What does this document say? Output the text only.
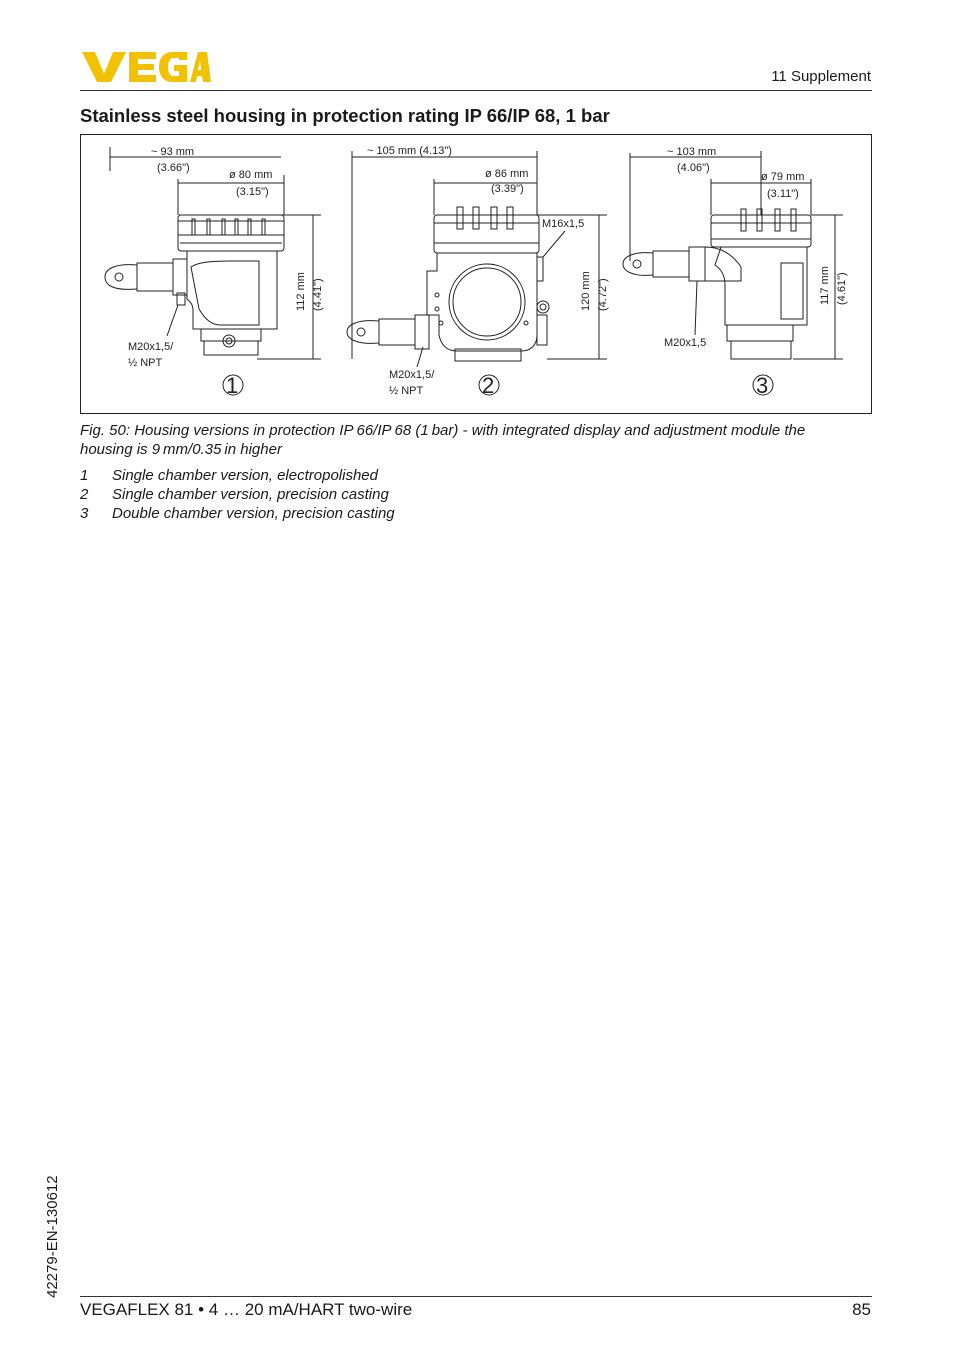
11 Supplement
Stainless steel housing in protection rating IP 66/IP 68, 1 bar
~ 93 mm
(3.66")
ø 80 mm
(3.15")
112 mm (4.41")
M20x1,5/
½ NPT
1
~ 105 mm (4.13")
ø 86 mm
(3.39")
M16x1,5
120 mm (4.72")
M20x1,5/
½ NPT	2
~ 103 mm
(4.06")
ø 79 mm
(3.11")
117 mm (4.61")
M20x1,5
3
Fig. 50: Housing versions in protection IP 66/IP 68 (1 bar) - with integrated display and adjustment module the housing is 9 mm/0.35 in higher
1 Single chamber version, electropolished
2 Single chamber version, precision casting
3 Double chamber version, precision casting
42279-EN-130612
VEGAFLEX 81 • 4 … 20 mA/HART two-wire	85
